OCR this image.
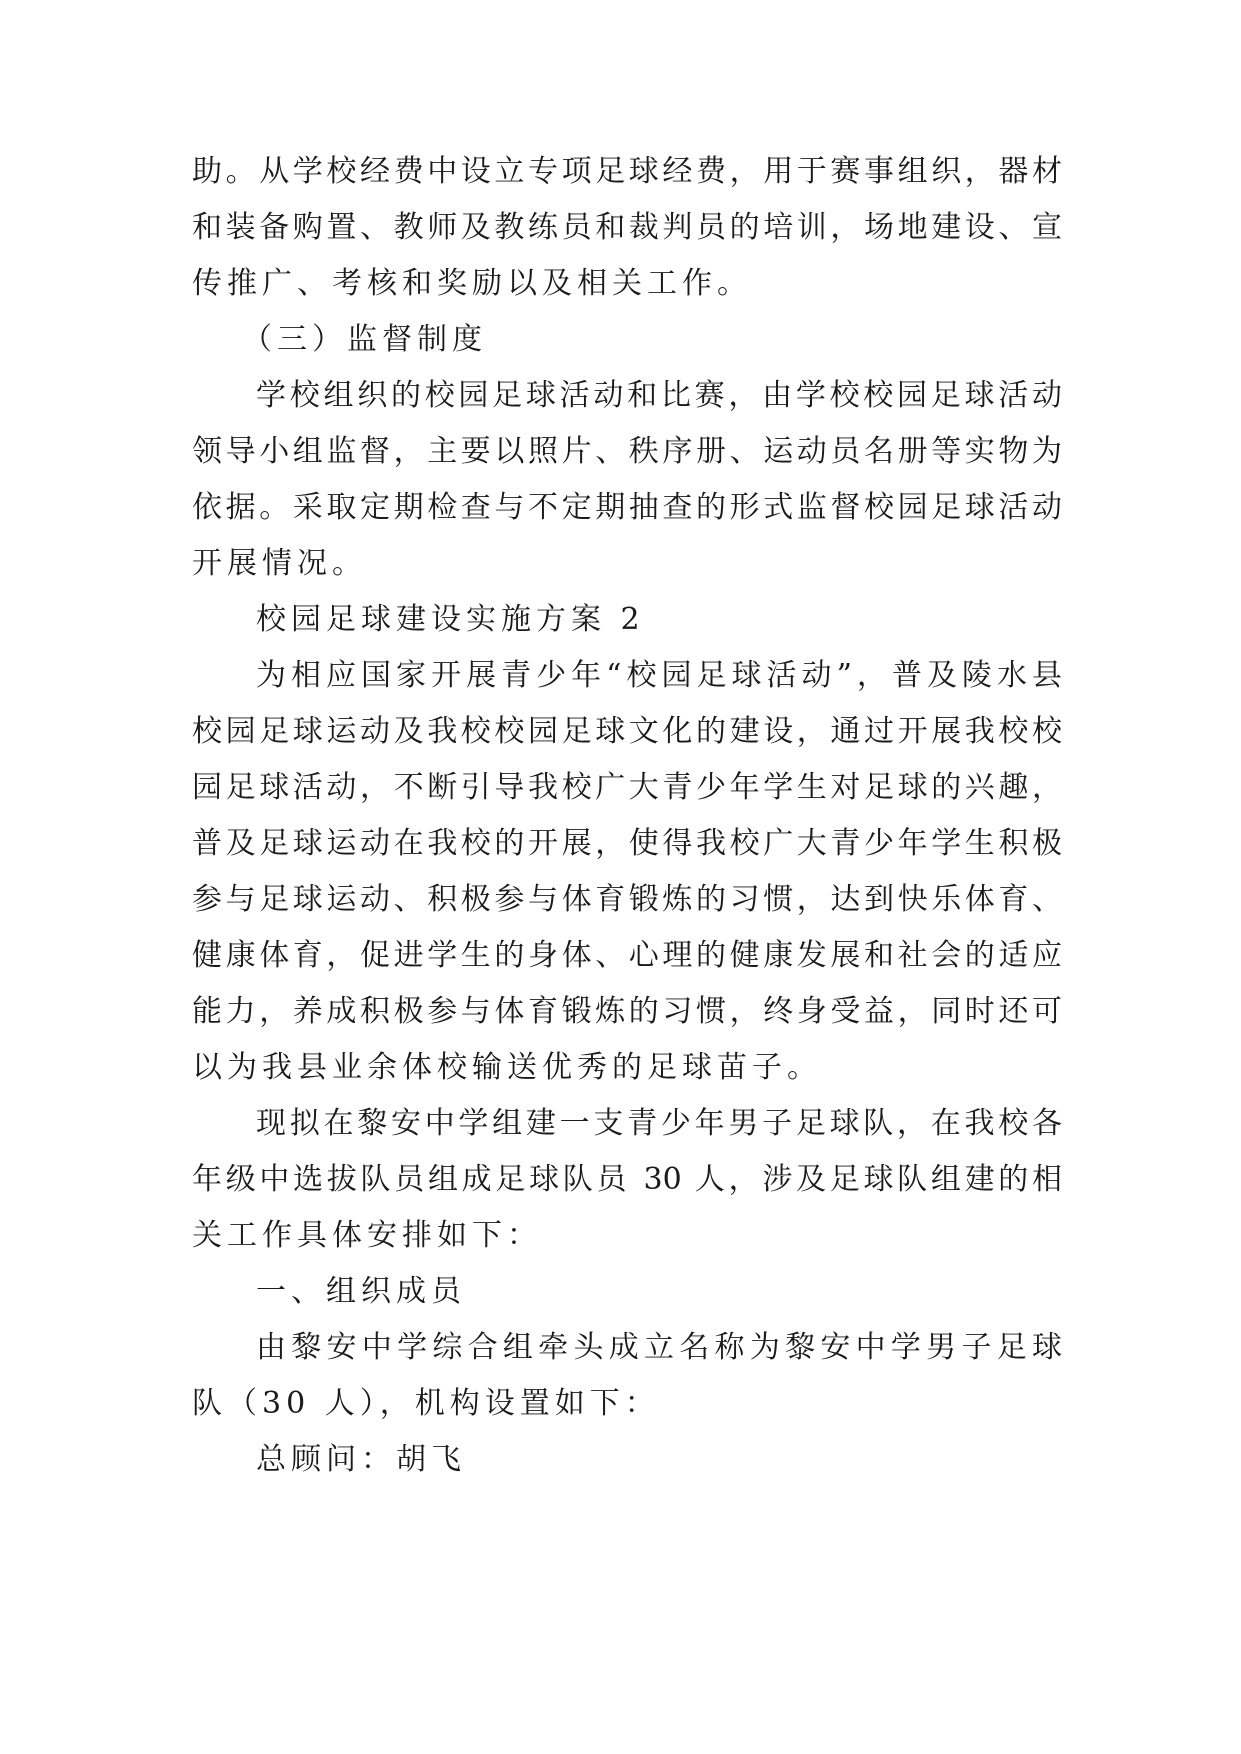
助。从学校经费中设立专项足球经费，用于赛事组织，器材
和装备购置、教师及教练员和裁判员的培训，场地建设、宣
传推广、考核和奖励以及相关工作。
（三）监督制度
学校组织的校园足球活动和比赛，由学校校园足球活动
领导小组监督，主要以照片、秩序册、运动员名册等实物为
依据。采取定期检查与不定期抽查的形式监督校园足球活动
开展情况。
校园足球建设实施方案 2
为相应国家开展青少年“校园足球活动”，普及陵水县
校园足球运动及我校校园足球文化的建设，通过开展我校校
园足球活动，不断引导我校广大青少年学生对足球的兴趣，
普及足球运动在我校的开展，使得我校广大青少年学生积极
参与足球运动、积极参与体育锻炼的习惯，达到快乐体育、
健康体育，促进学生的身体、心理的健康发展和社会的适应
能力，养成积极参与体育锻炼的习惯，终身受益，同时还可
以为我县业余体校输送优秀的足球苗子。
现拟在黎安中学组建一支青少年男子足球队，在我校各
年级中选拔队员组成足球队员 30 人，涉及足球队组建的相
关工作具体安排如下：
一、组织成员
由黎安中学综合组牵头成立名称为黎安中学男子足球
队（30 人），机构设置如下：
总顾问：胡飞
